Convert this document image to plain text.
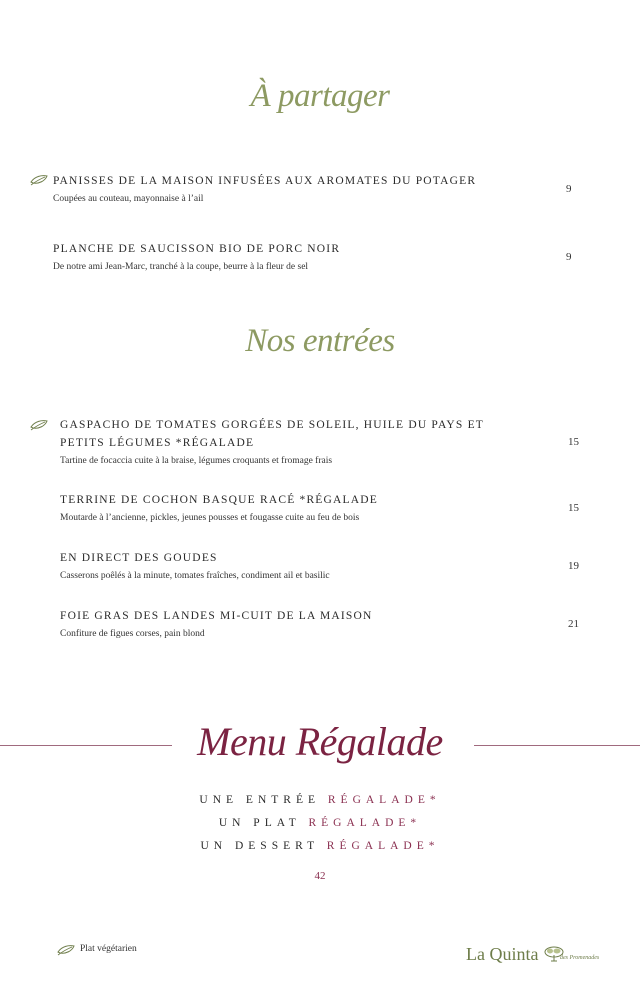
À partager
PANISSES DE LA MAISON INFUSÉES AUX AROMATES DU POTAGER
Coupées au couteau, mayonnaise à l’ail
9
PLANCHE DE SAUCISSON BIO DE PORC NOIR
De notre ami Jean-Marc, tranché à la coupe, beurre à la fleur de sel
9
Nos entrées
GASPACHO DE TOMATES GORGÉES DE SOLEIL, HUILE DU PAYS ET
PETITS LÉGUMES *RÉGALADE
Tartine de focaccia cuite à la braise, légumes croquants et fromage frais
15
TERRINE DE COCHON BASQUE RACÉ *RÉGALADE
Moutarde à l’ancienne, pickles, jeunes pousses et fougasse cuite au feu de bois
15
EN DIRECT DES GOUDES
Casserons poêlés à la minute, tomates fraîches, condiment ail et basilic
19
FOIE GRAS DES LANDES MI-CUIT DE LA MAISON
Confiture de figues corses, pain blond
21
Menu Régalade
UNE ENTRÉE RÉGALADE*
UN PLAT RÉGALADE*
UN DESSERT RÉGALADE*
42
Plat végétarien	La Quinta	des Promenades
